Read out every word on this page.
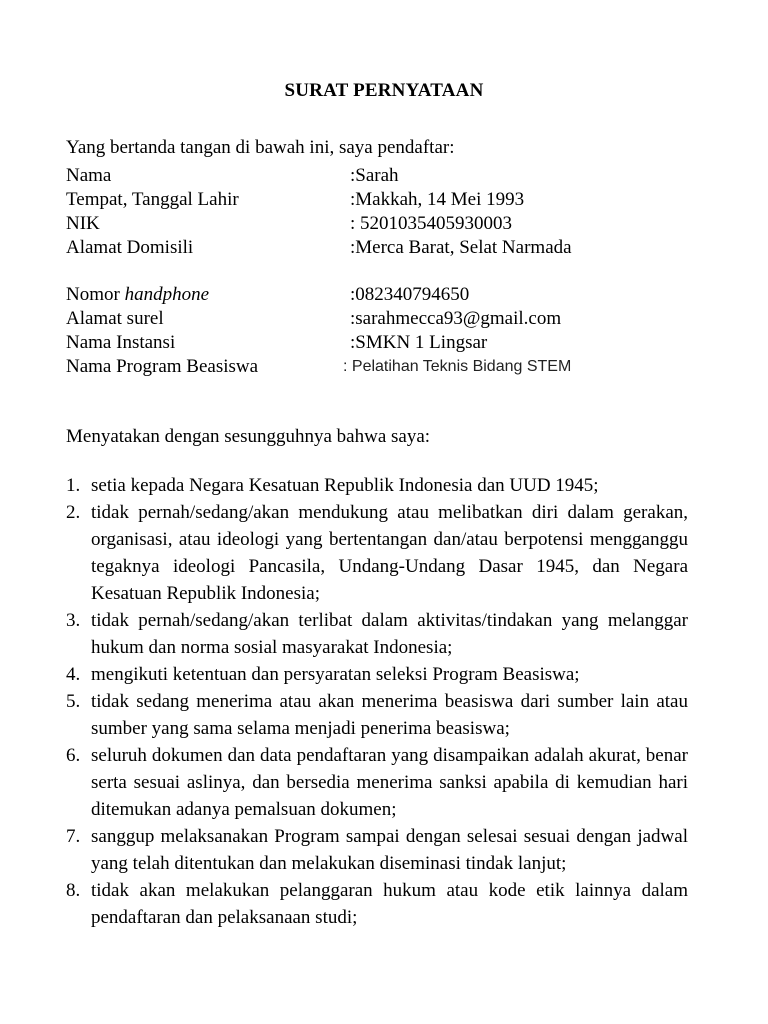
SURAT PERNYATAAN
Yang bertanda tangan di bawah ini, saya pendaftar:
Nama	:Sarah
Tempat, Tanggal Lahir	:Makkah, 14 Mei 1993
NIK	: 5201035405930003
Alamat Domisili	:Merca Barat, Selat Narmada
Nomor handphone	:082340794650
Alamat surel	:sarahmecca93@gmail.com
Nama Instansi	:SMKN 1 Lingsar
Nama Program Beasiswa	: Pelatihan Teknis Bidang STEM
Menyatakan dengan sesungguhnya bahwa saya:
1. setia kepada Negara Kesatuan Republik Indonesia dan UUD 1945;
2. tidak pernah/sedang/akan mendukung atau melibatkan diri dalam gerakan, organisasi, atau ideologi yang bertentangan dan/atau berpotensi mengganggu tegaknya ideologi Pancasila, Undang-Undang Dasar 1945, dan Negara Kesatuan Republik Indonesia;
3. tidak pernah/sedang/akan terlibat dalam aktivitas/tindakan yang melanggar hukum dan norma sosial masyarakat Indonesia;
4. mengikuti ketentuan dan persyaratan seleksi Program Beasiswa;
5. tidak sedang menerima atau akan menerima beasiswa dari sumber lain atau sumber yang sama selama menjadi penerima beasiswa;
6. seluruh dokumen dan data pendaftaran yang disampaikan adalah akurat, benar serta sesuai aslinya, dan bersedia menerima sanksi apabila di kemudian hari ditemukan adanya pemalsuan dokumen;
7. sanggup melaksanakan Program sampai dengan selesai sesuai dengan jadwal yang telah ditentukan dan melakukan diseminasi tindak lanjut;
8. tidak akan melakukan pelanggaran hukum atau kode etik lainnya dalam pendaftaran dan pelaksanaan studi;
